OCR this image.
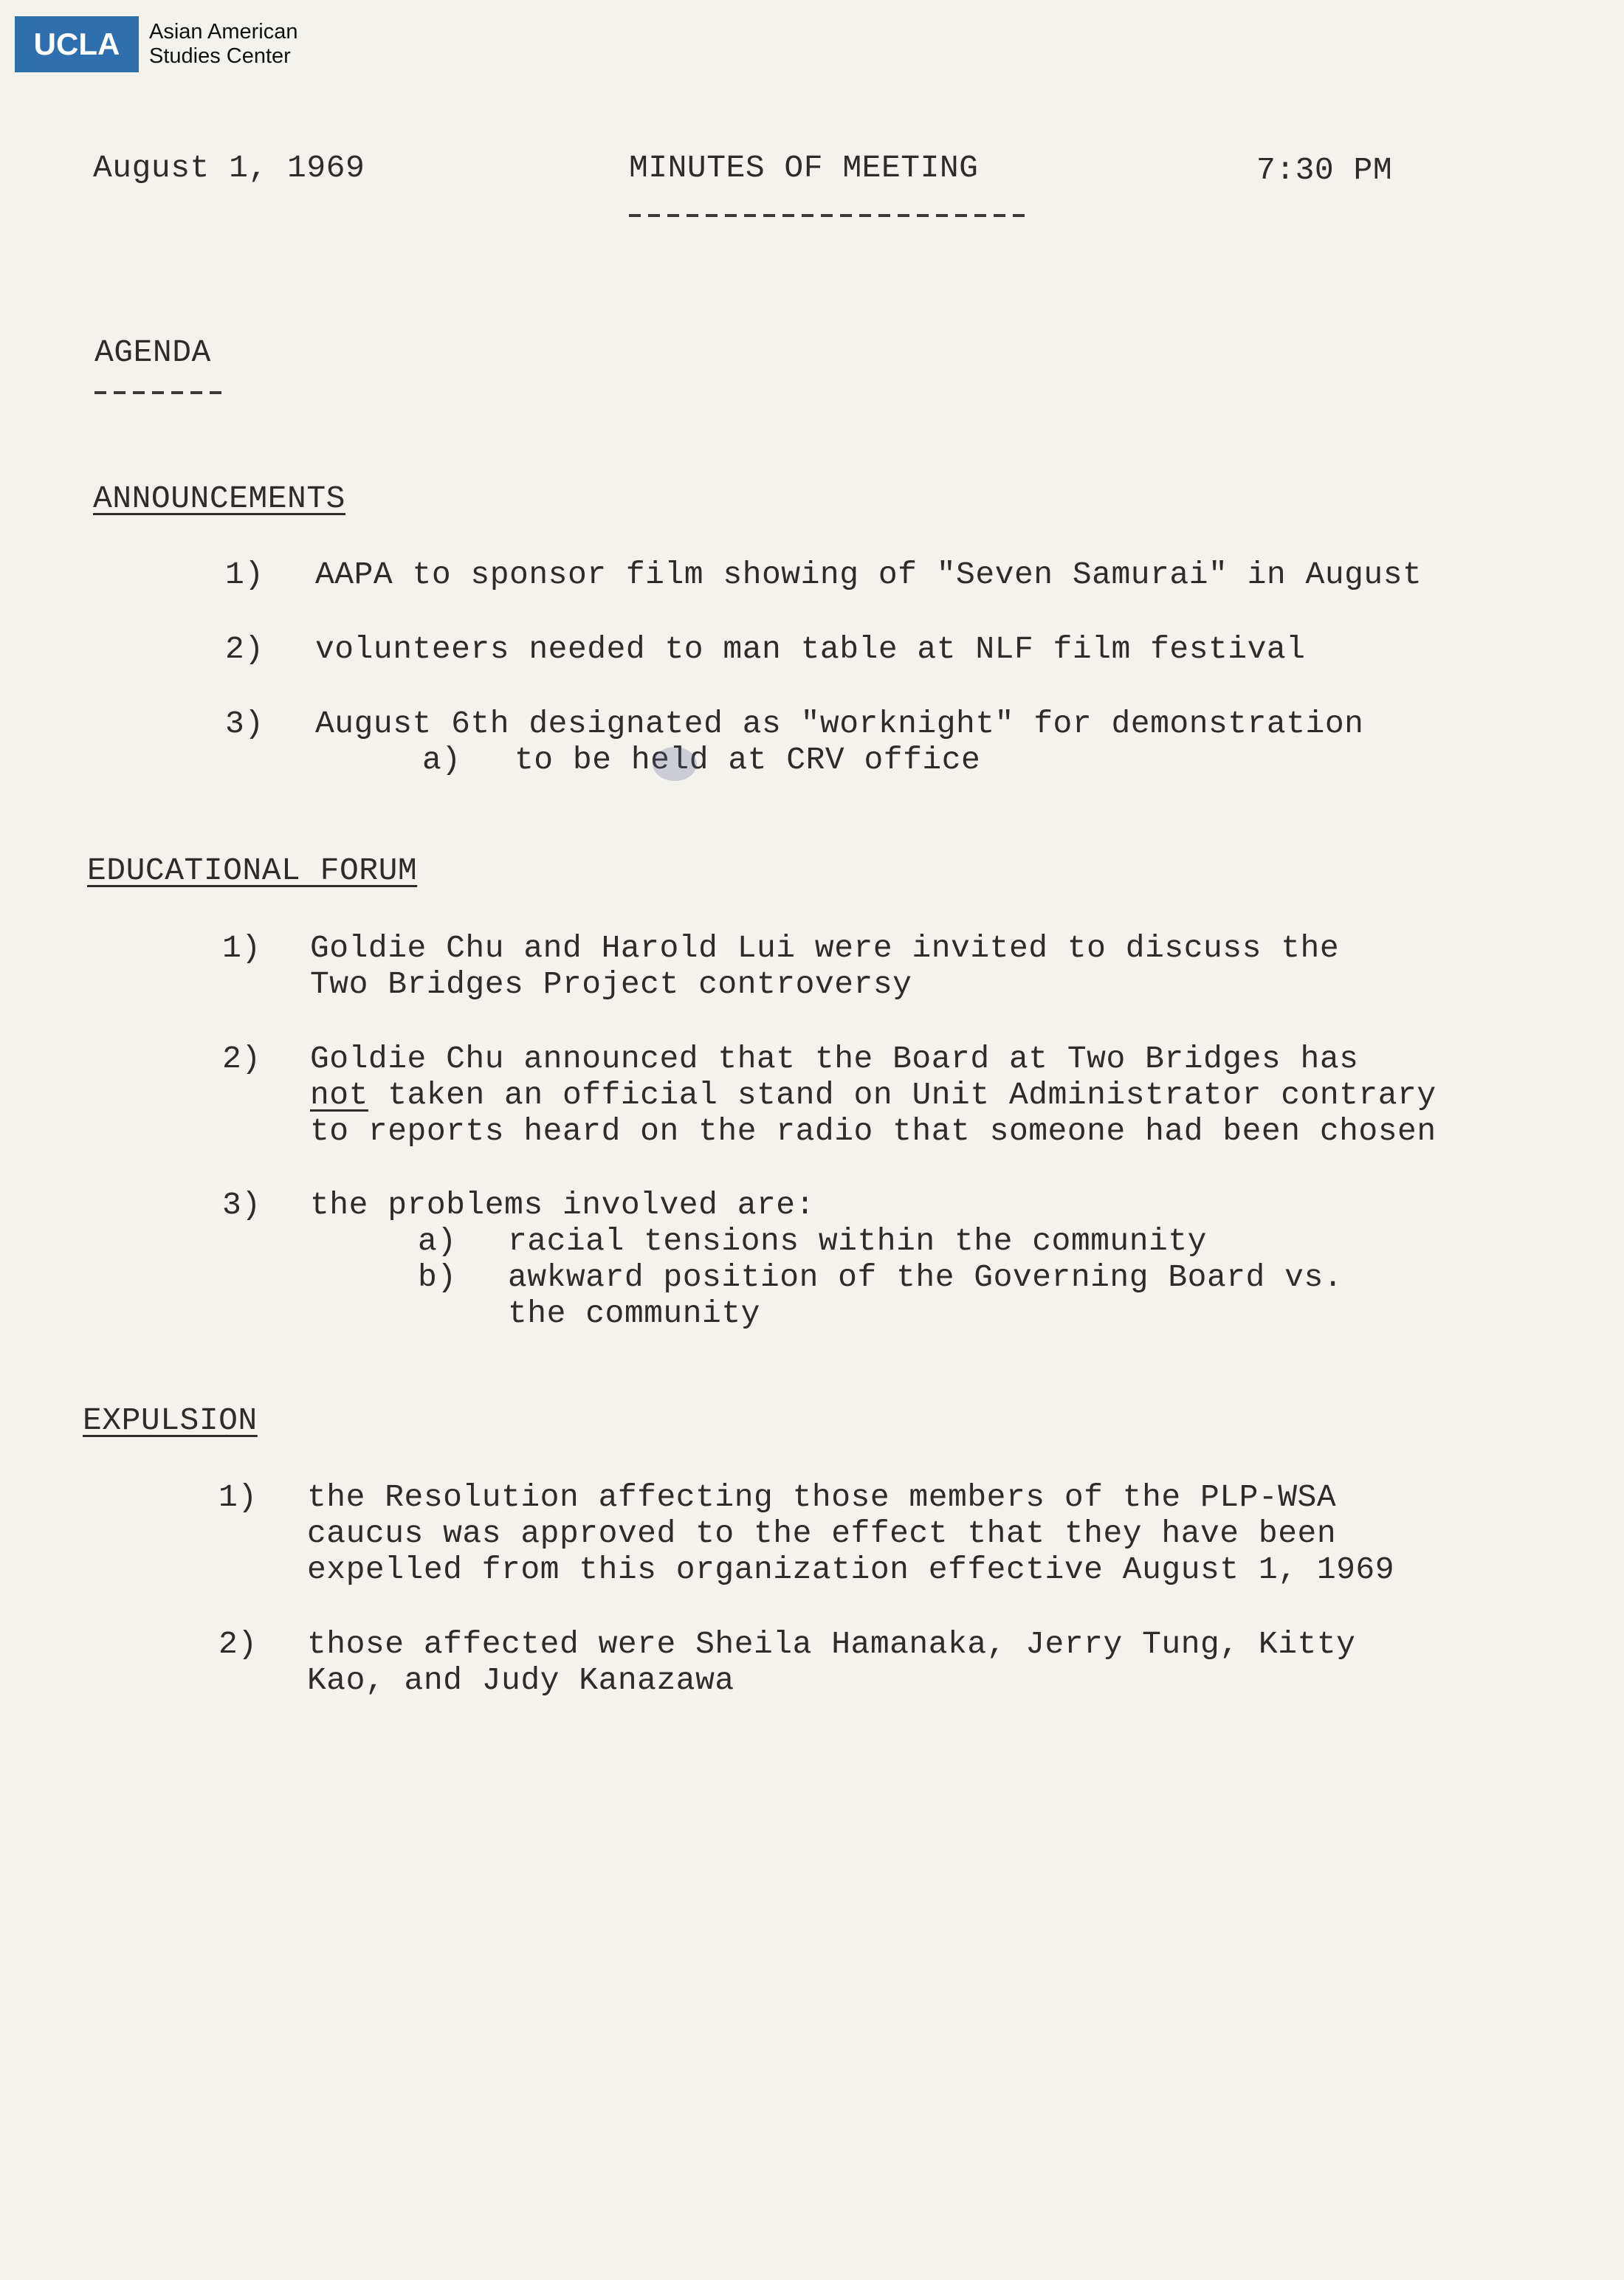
UCLA	Asian American
Studies Center
August 1, 1969	MINUTES OF MEETING	7:30 PM
AGENDA
ANNOUNCEMENTS
1) AAPA to sponsor film showing of "Seven Samurai" in August
2) volunteers needed to man table at NLF film festival
3) August 6th designated as "worknight" for demonstration
a) to be held at CRV office
EDUCATIONAL FORUM
1) Goldie Chu and Harold Lui were invited to discuss the
Two Bridges Project controversy
2) Goldie Chu announced that the Board at Two Bridges has
not taken an official stand on Unit Administrator contrary
to reports heard on the radio that someone had been chosen
3) the problems involved are:
a) racial tensions within the community
b) awkward position of the Governing Board vs.
the community
EXPULSION
1) the Resolution affecting those members of the PLP-WSA
caucus was approved to the effect that they have been
expelled from this organization effective August 1, 1969
2) those affected were Sheila Hamanaka, Jerry Tung, Kitty
Kao, and Judy Kanazawa
